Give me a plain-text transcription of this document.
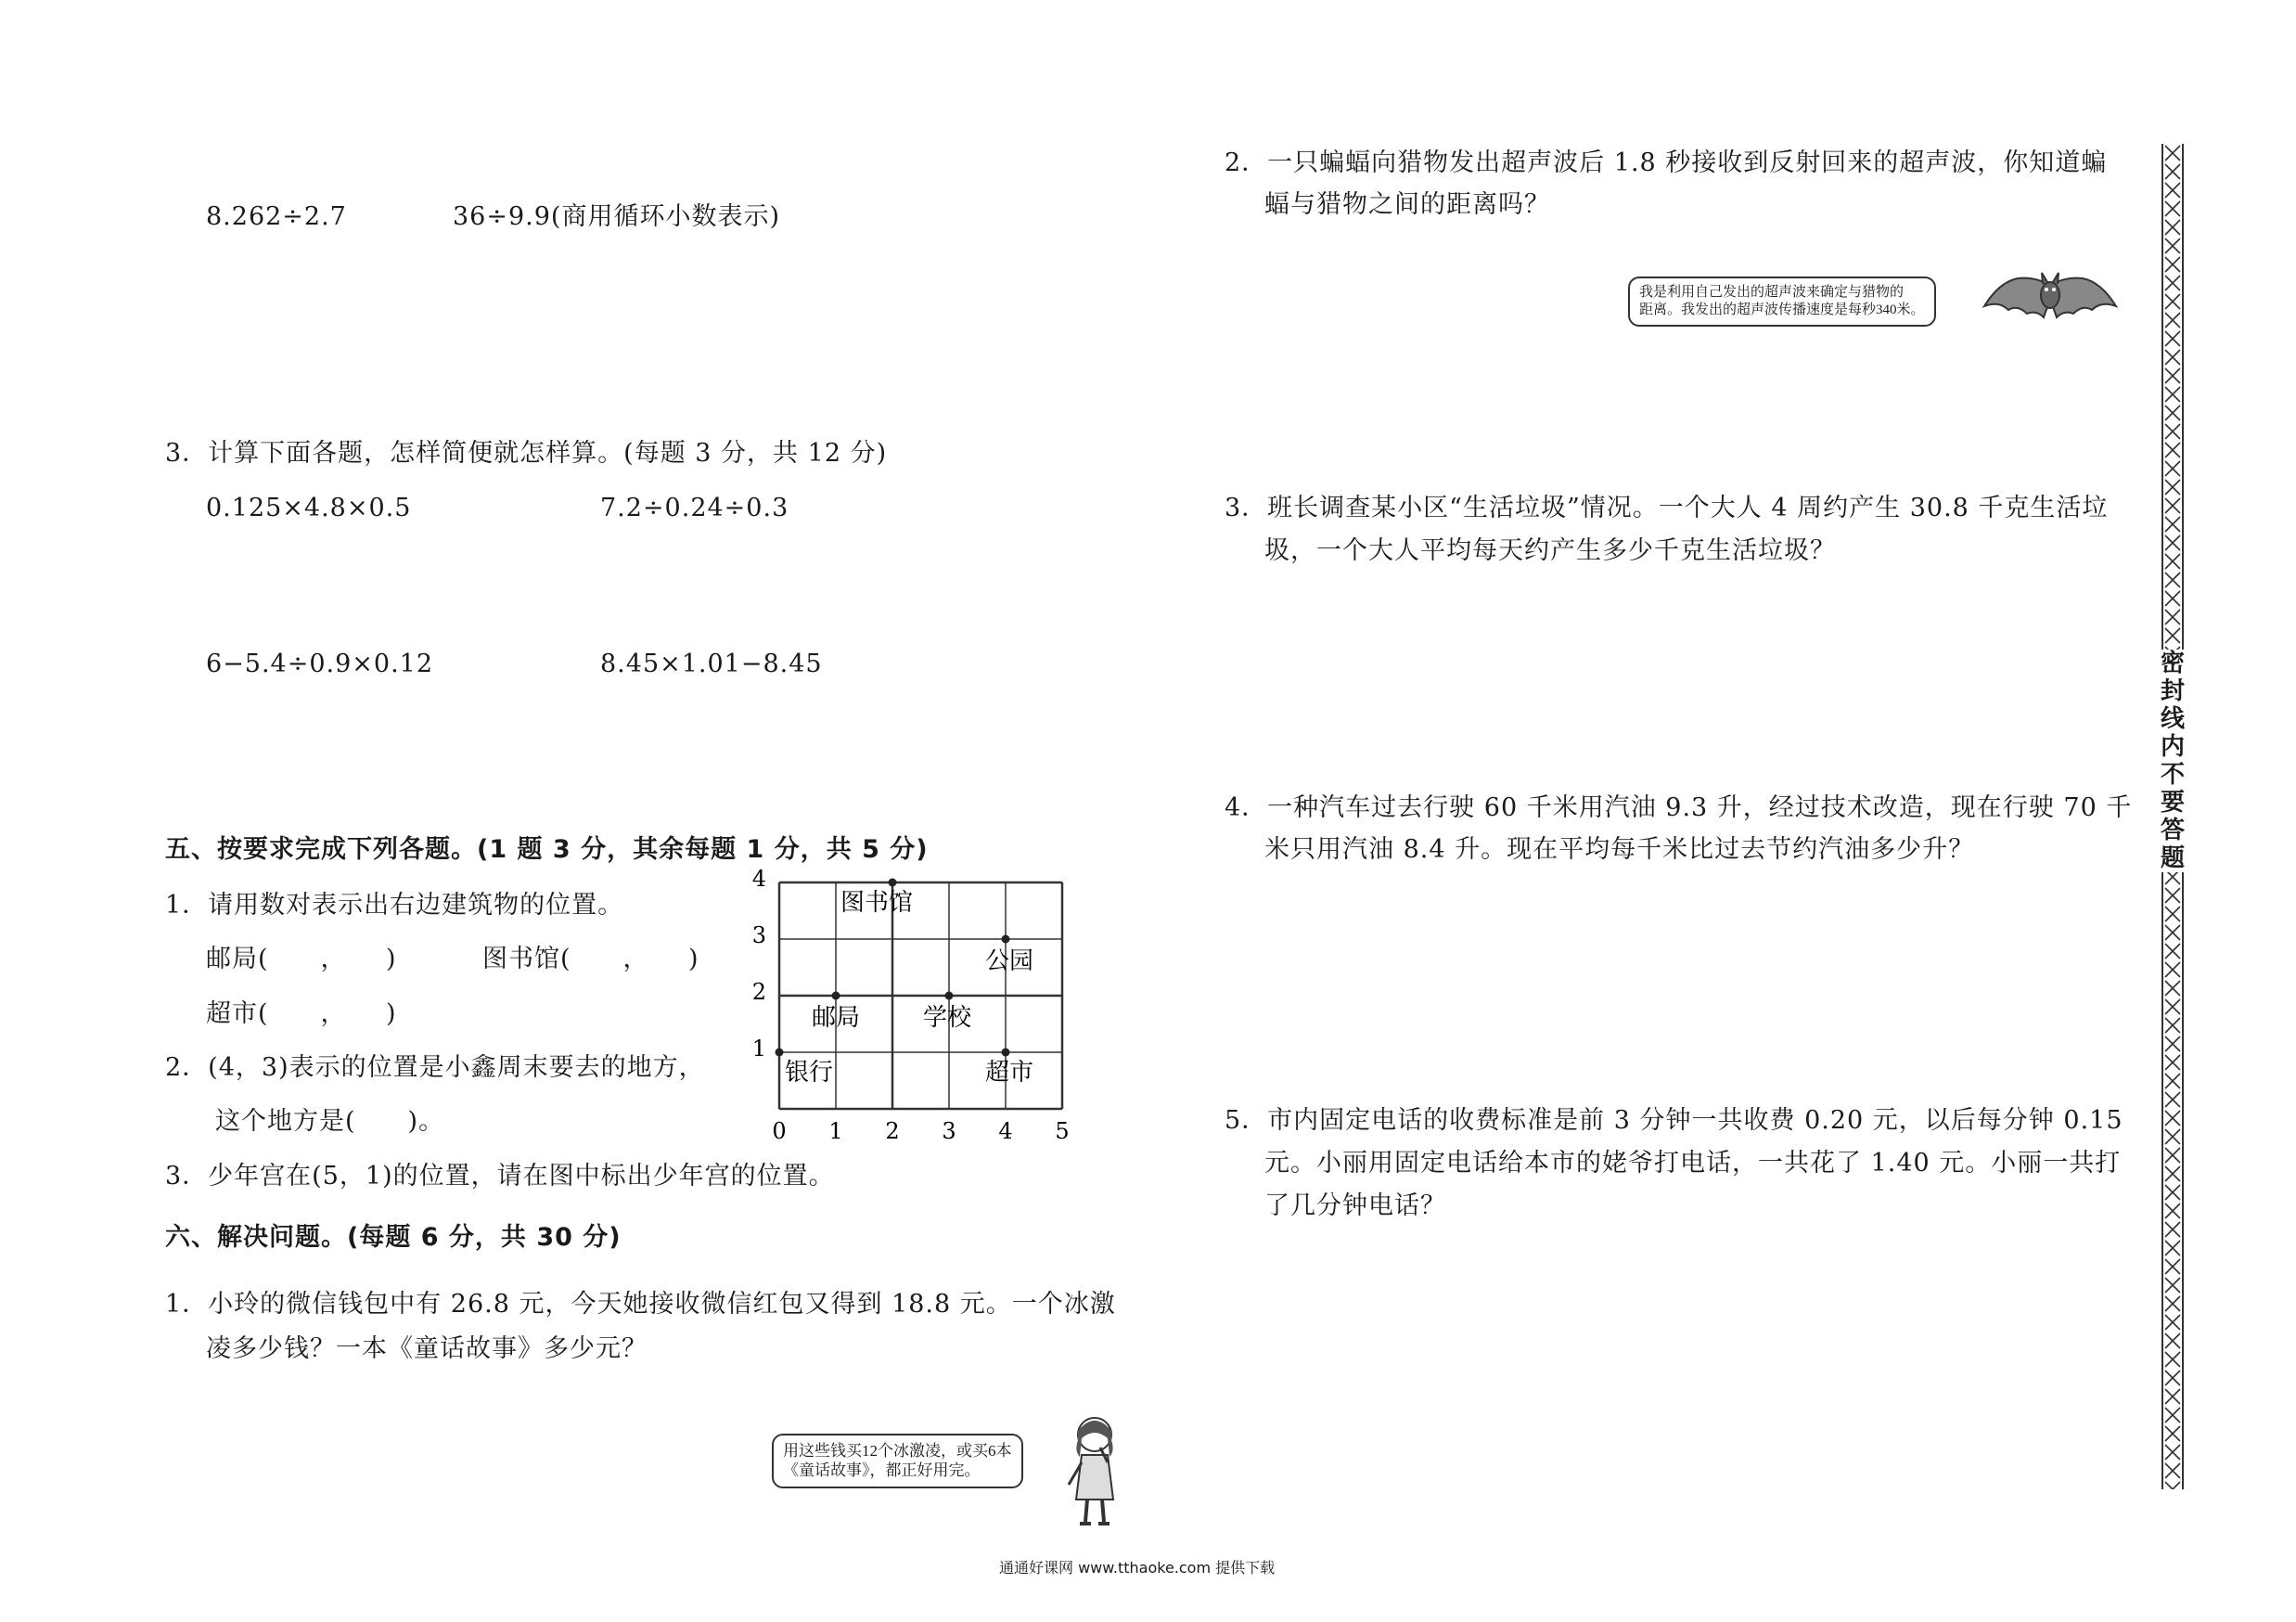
8.262÷2.7	36÷9.9(商用循环小数表示)
3．计算下面各题，怎样简便就怎样算。(每题 3 分，共 12 分)
0.125×4.8×0.5	7.2÷0.24÷0.3
6−5.4÷0.9×0.12	8.45×1.01−8.45
五、按要求完成下列各题。(1 题 3 分，其余每题 1 分，共 5 分)
1．请用数对表示出右边建筑物的位置。
邮局(　　，　　)	图书馆(　　，　　)
超市(　　，　　)
2．(4，3)表示的位置是小鑫周末要去的地方，
这个地方是(　　)。
3．少年宫在(5，1)的位置，请在图中标出少年宫的位置。
0 1 2 3 4 5
1
2
3
4
图书馆
公园
邮局	学校
银行	超市
六、解决问题。(每题 6 分，共 30 分)
1．小玲的微信钱包中有 26.8 元，今天她接收微信红包又得到 18.8 元。一个冰激
凌多少钱？一本《童话故事》多少元？
用这些钱买12个冰激凌，或买6本
《童话故事》，都正好用完。
2．一只蝙蝠向猎物发出超声波后 1.8 秒接收到反射回来的超声波，你知道蝙
蝠与猎物之间的距离吗？
我是利用自己发出的超声波来确定与猎物的
距离。我发出的超声波传播速度是每秒340米。
3．班长调查某小区“生活垃圾”情况。一个大人 4 周约产生 30.8 千克生活垃
圾，一个大人平均每天约产生多少千克生活垃圾？
4．一种汽车过去行驶 60 千米用汽油 9.3 升，经过技术改造，现在行驶 70 千
米只用汽油 8.4 升。现在平均每千米比过去节约汽油多少升？
5．市内固定电话的收费标准是前 3 分钟一共收费 0.20 元，以后每分钟 0.15
元。小丽用固定电话给本市的姥爷打电话，一共花了 1.40 元。小丽一共打
了几分钟电话？
密封线内不要答题
通通好课网 www.tthaoke.com 提供下载
